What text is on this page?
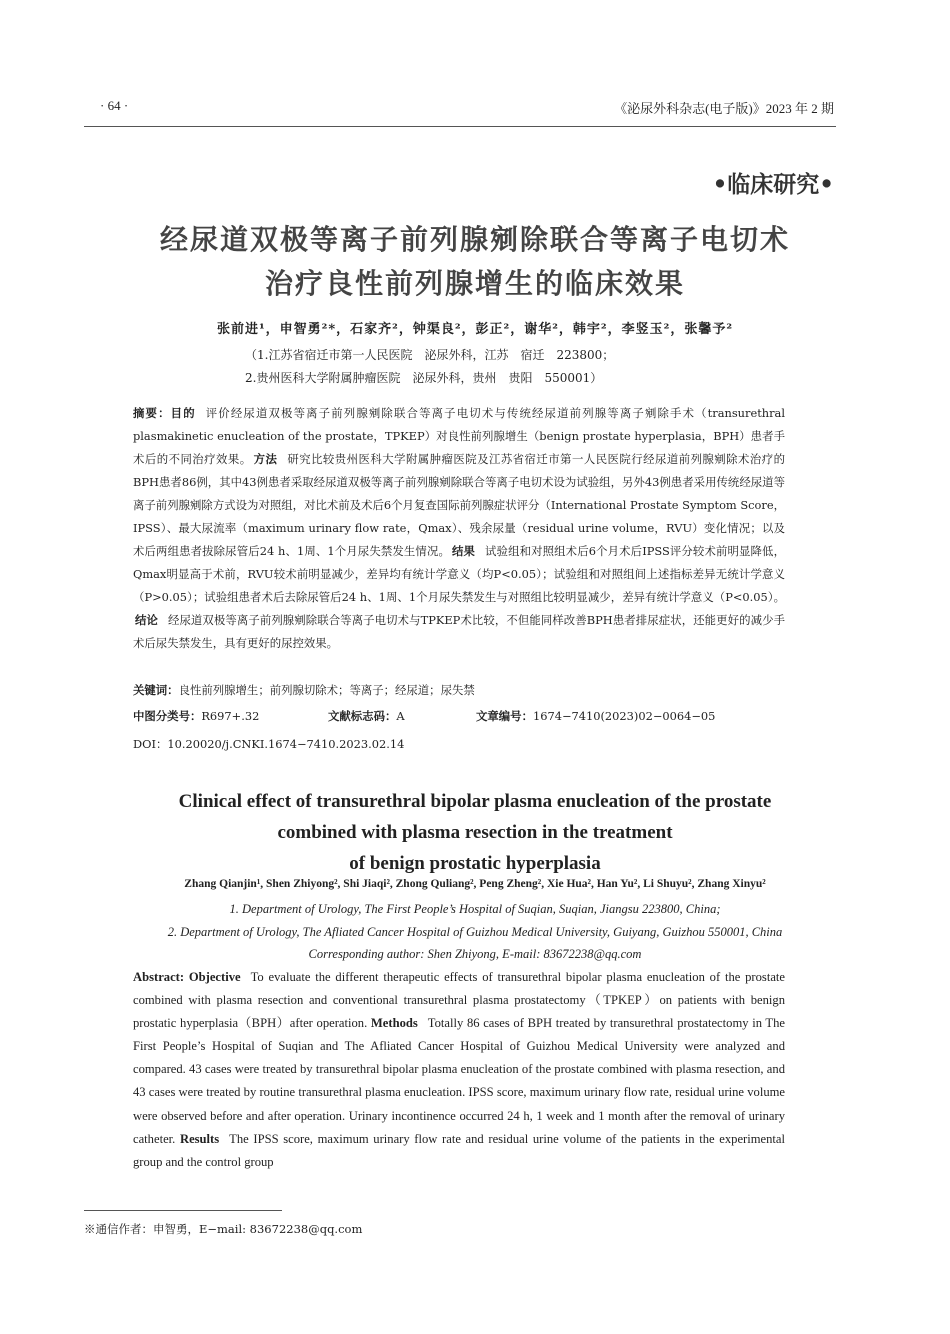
· 64 ·	《泌尿外科杂志(电子版)》2023 年 2 期
•临床研究•
经尿道双极等离子前列腺剜除联合等离子电切术
治疗良性前列腺增生的临床效果
张前进¹，申智勇²*，石家齐²，钟渠良²，彭正²，谢华²，韩宇²，李竖玉²，张馨予²
（1.江苏省宿迁市第一人民医院　泌尿外科，江苏　宿迁　223800；
2.贵州医科大学附属肿瘤医院　泌尿外科，贵州　贵阳　550001）
摘要：目的 评价经尿道双极等离子前列腺剜除联合等离子电切术与传统经尿道前列腺等离子剜除手术（transurethral plasmakinetic enucleation of the prostate，TPKEP）对良性前列腺增生（benign prostate hyperplasia，BPH）患者手术后的不同治疗效果。 方法 研究比较贵州医科大学附属肿瘤医院及江苏省宿迁市第一人民医院行经尿道前列腺剜除术治疗的BPH患者86例，其中43例患者采取经尿道双极等离子前列腺剜除联合等离子电切术设为试验组，另外43例患者采用传统经尿道等离子前列腺剜除方式设为对照组，对比术前及术后6个月复查国际前列腺症状评分（International Prostate Symptom Score，IPSS）、最大尿流率（maximum urinary flow rate，Qmax）、残余尿量（residual urine volume，RVU）变化情况；以及术后两组患者拔除尿管后24 h、1周、1个月尿失禁发生情况。 结果 试验组和对照组术后6个月术后IPSS评分较术前明显降低，Qmax明显高于术前，RVU较术前明显减少，差异均有统计学意义（均P<0.05）；试验组和对照组间上述指标差异无统计学意义（P>0.05）；试验组患者术后去除尿管后24 h、1周、1个月尿失禁发生与对照组比较明显减少，差异有统计学意义（P<0.05）。结论 经尿道双极等离子前列腺剜除联合等离子电切术与TPKEP术比较，不但能同样改善BPH患者排尿症状，还能更好的减少手术后尿失禁发生，具有更好的尿控效果。
关键词：良性前列腺增生；前列腺切除术；等离子；经尿道；尿失禁
中图分类号：R697+.32	文献标志码：A	文章编号：1674−7410(2023)02−0064−05
DOI：10.20020/j.CNKI.1674−7410.2023.02.14
Clinical effect of transurethral bipolar plasma enucleation of the prostate
combined with plasma resection in the treatment
of benign prostatic hyperplasia
Zhang Qianjin¹, Shen Zhiyong², Shi Jiaqi², Zhong Quliang², Peng Zheng², Xie Hua², Han Yu², Li Shuyu², Zhang Xinyu²
1. Department of Urology, The First People’s Hospital of Suqian, Suqian, Jiangsu 223800, China;
2. Department of Urology, The Afliated Cancer Hospital of Guizhou Medical University, Guiyang, Guizhou 550001, China
Corresponding author: Shen Zhiyong, E-mail: 83672238@qq.com
Abstract: Objective To evaluate the different therapeutic effects of transurethral bipolar plasma enucleation of the prostate combined with plasma resection and conventional transurethral plasma prostatectomy（TPKEP）on patients with benign prostatic hyperplasia（BPH）after operation. Methods Totally 86 cases of BPH treated by transurethral prostatectomy in The First People’s Hospital of Suqian and The Afliated Cancer Hospital of Guizhou Medical University were analyzed and compared. 43 cases were treated by transurethral bipolar plasma enucleation of the prostate combined with plasma resection, and 43 cases were treated by routine transurethral plasma enucleation. IPSS score, maximum urinary flow rate, residual urine volume were observed before and after operation. Urinary incontinence occurred 24 h, 1 week and 1 month after the removal of urinary catheter. Results The IPSS score, maximum urinary flow rate and residual urine volume of the patients in the experimental group and the control group
※通信作者：申智勇，E−mail: 83672238@qq.com
